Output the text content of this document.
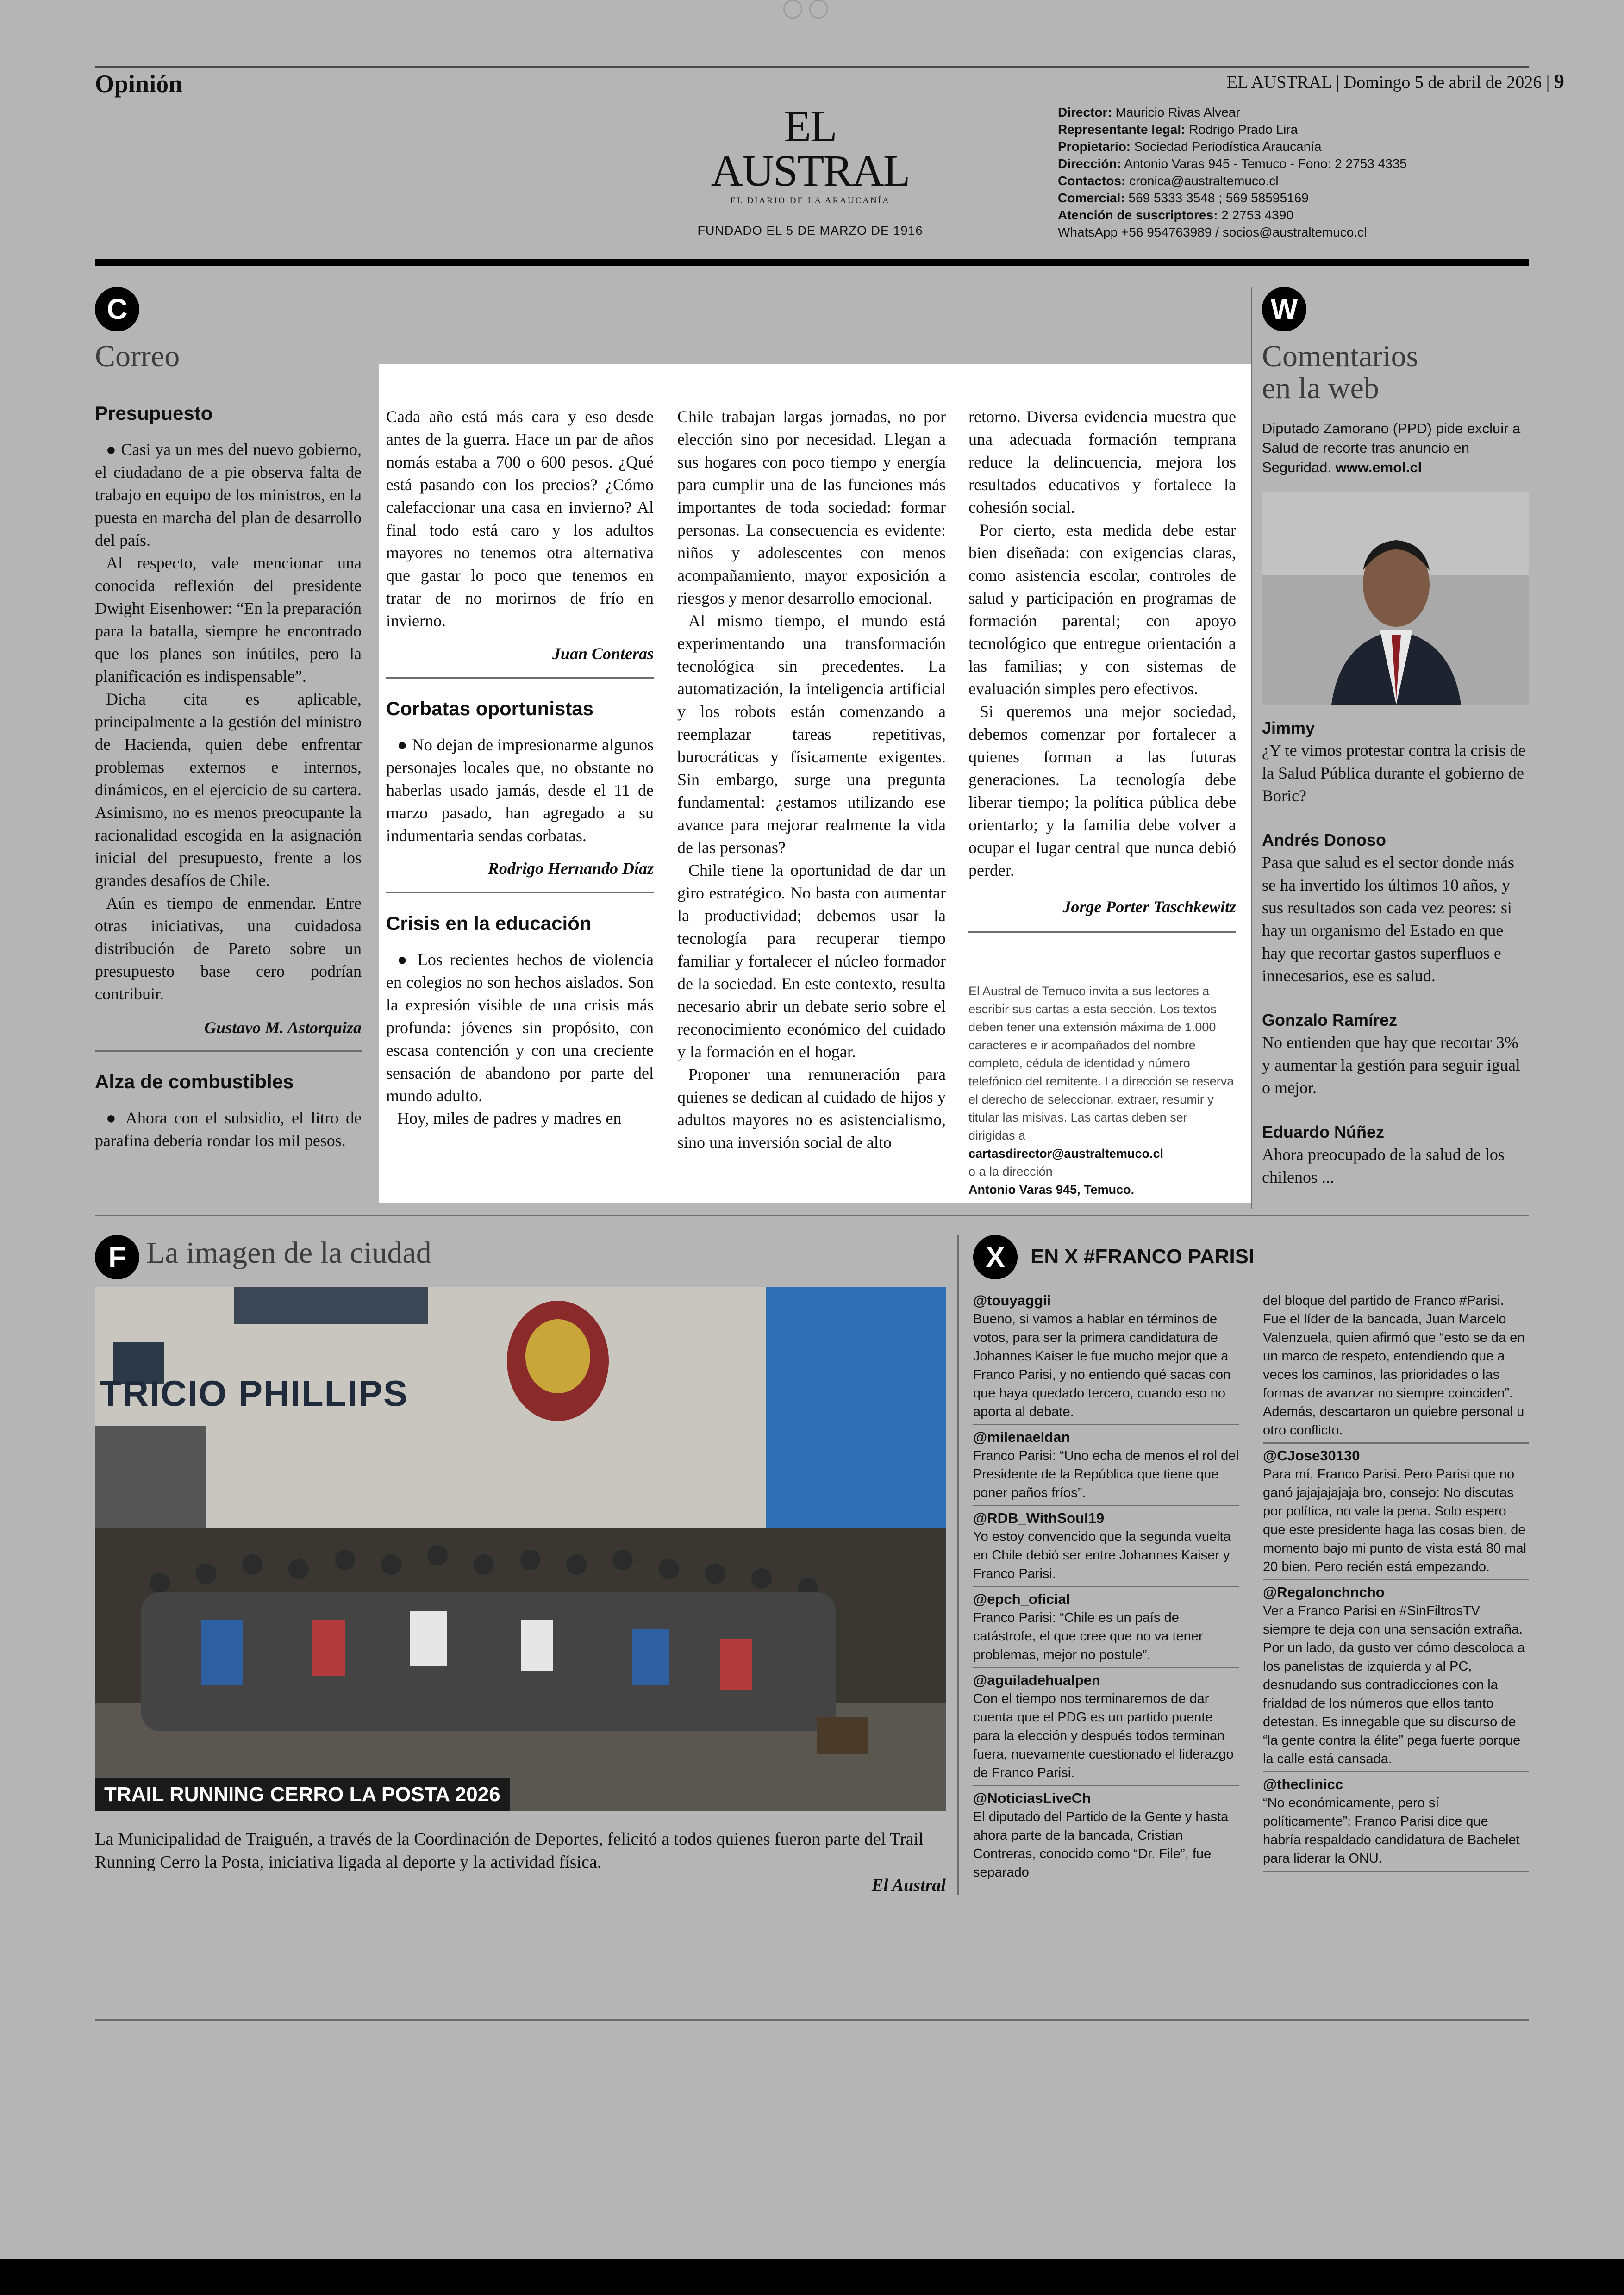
◯ ◯
Opinión	EL AUSTRAL | Domingo 5 de abril de 2026 | 9
EL AUSTRAL
EL DIARIO DE LA ARAUCANÍA
FUNDADO EL 5 DE MARZO DE 1916
Director: Mauricio Rivas Alvear
Representante legal: Rodrigo Prado Lira
Propietario: Sociedad Periodística Araucanía
Dirección: Antonio Varas 945 - Temuco - Fono: 2 2753 4335
Contactos: cronica@australtemuco.cl
Comercial: 569 5333 3548 ; 569 58595169
Atención de suscriptores: 2 2753 4390
WhatsApp +56 954763989 / socios@australtemuco.cl
C
Correo

Presupuesto

● Casi ya un mes del nuevo gobierno, el ciudadano de a pie observa falta de trabajo en equipo de los ministros, en la puesta en marcha del plan de desarrollo del país.

Al respecto, vale mencionar una conocida reflexión del presidente Dwight Eisenhower: “En la preparación para la batalla, siempre he encontrado que los planes son inútiles, pero la planificación es indispensable”.

Dicha cita es aplicable, principalmente a la gestión del ministro de Hacienda, quien debe enfrentar problemas externos e internos, dinámicos, en el ejercicio de su cartera. Asimismo, no es menos preocupante la racionalidad escogida en la asignación inicial del presupuesto, frente a los grandes desafíos de Chile.

Aún es tiempo de enmendar. Entre otras iniciativas, una cuidadosa distribución de Pareto sobre un presupuesto base cero podrían contribuir.

Gustavo M. Astorquiza

Alza de combustibles

● Ahora con el subsidio, el litro de parafina debería rondar los mil pesos.

Cada año está más cara y eso desde antes de la guerra. Hace un par de años nomás estaba a 700 o 600 pesos. ¿Qué está pasando con los precios? ¿Cómo calefaccionar una casa en invierno? Al final todo está caro y los adultos mayores no tenemos otra alternativa que gastar lo poco que tenemos en tratar de no morirnos de frío en invierno.

Juan Conteras

Corbatas oportunistas

● No dejan de impresionarme algunos personajes locales que, no obstante no haberlas usado jamás, desde el 11 de marzo pasado, han agregado a su indumentaria sendas corbatas.

Rodrigo Hernando Díaz

Crisis en la educación

● Los recientes hechos de violencia en colegios no son hechos aislados. Son la expresión visible de una crisis más profunda: jóvenes sin propósito, con escasa contención y con una creciente sensación de abandono por parte del mundo adulto.

Hoy, miles de padres y madres en

Chile trabajan largas jornadas, no por elección sino por necesidad. Llegan a sus hogares con poco tiempo y energía para cumplir una de las funciones más importantes de toda sociedad: formar personas. La consecuencia es evidente: niños y adolescentes con menos acompañamiento, mayor exposición a riesgos y menor desarrollo emocional.

Al mismo tiempo, el mundo está experimentando una transformación tecnológica sin precedentes. La automatización, la inteligencia artificial y los robots están comenzando a reemplazar tareas repetitivas, burocráticas y físicamente exigentes. Sin embargo, surge una pregunta fundamental: ¿estamos utilizando ese avance para mejorar realmente la vida de las personas?

Chile tiene la oportunidad de dar un giro estratégico. No basta con aumentar la productividad; debemos usar la tecnología para recuperar tiempo familiar y fortalecer el núcleo formador de la sociedad. En este contexto, resulta necesario abrir un debate serio sobre el reconocimiento económico del cuidado y la formación en el hogar.

Proponer una remuneración para quienes se dedican al cuidado de hijos y adultos mayores no es asistencialismo, sino una inversión social de alto

retorno. Diversa evidencia muestra que una adecuada formación temprana reduce la delincuencia, mejora los resultados educativos y fortalece la cohesión social.

Por cierto, esta medida debe estar bien diseñada: con exigencias claras, como asistencia escolar, controles de salud y participación en programas de formación parental; con apoyo tecnológico que entregue orientación a las familias; y con sistemas de evaluación simples pero efectivos.

Si queremos una mejor sociedad, debemos comenzar por fortalecer a quienes forman a las futuras generaciones. La tecnología debe liberar tiempo; la política pública debe orientarlo; y la familia debe volver a ocupar el lugar central que nunca debió perder.

Jorge Porter Taschkewitz

El Austral de Temuco invita a sus lectores a escribir sus cartas a esta sección. Los textos deben tener una extensión máxima de 1.000 caracteres e ir acompañados del nombre completo, cédula de identidad y número telefónico del remitente. La dirección se reserva el derecho de seleccionar, extraer, resumir y titular las misivas. Las cartas deben ser dirigidas a
cartasdirector@australtemuco.cl
o a la dirección
Antonio Varas 945, Temuco.
W
Comentarios
en la web
Diputado Zamorano (PPD) pide excluir a Salud de recorte tras anuncio en Seguridad. www.emol.cl
Jimmy
¿Y te vimos protestar contra la crisis de la Salud Pública durante el gobierno de Boric?
Andrés Donoso
Pasa que salud es el sector donde más se ha invertido los últimos 10 años, y sus resultados son cada vez peores: si hay un organismo del Estado en que hay que recortar gastos superfluos e innecesarios, ese es salud.
Gonzalo Ramírez
No entienden que hay que recortar 3% y aumentar la gestión para seguir igual o mejor.
Eduardo Núñez
Ahora preocupado de la salud de los chilenos ...
F La imagen de la ciudad
TRICIO PHILLIPS
TRAIL RUNNING CERRO LA POSTA 2026
La Municipalidad de Traiguén, a través de la Coordinación de Deportes, felicitó a todos quienes fueron parte del Trail Running Cerro la Posta, iniciativa ligada al deporte y la actividad física.
El Austral
X	EN X #FRANCO PARISI
@touyaggii
Bueno, si vamos a hablar en términos de votos, para ser la primera candidatura de Johannes Kaiser le fue mucho mejor que a Franco Parisi, y no entiendo qué sacas con que haya quedado tercero, cuando eso no aporta al debate.
@milenaeldan
Franco Parisi: “Uno echa de menos el rol del Presidente de la República que tiene que poner paños fríos”.
@RDB_WithSoul19
Yo estoy convencido que la segunda vuelta en Chile debió ser entre Johannes Kaiser y Franco Parisi.
@epch_oficial
Franco Parisi: “Chile es un país de catástrofe, el que cree que no va tener problemas, mejor no postule”.
@aguiladehualpen
Con el tiempo nos terminaremos de dar cuenta que el PDG es un partido puente para la elección y después todos terminan fuera, nuevamente cuestionado el liderazgo de Franco Parisi.
@NoticiasLiveCh
El diputado del Partido de la Gente y hasta ahora parte de la bancada, Cristian Contreras, conocido como “Dr. File”, fue separado
del bloque del partido de Franco #Parisi. Fue el líder de la bancada, Juan Marcelo Valenzuela, quien afirmó que “esto se da en un marco de respeto, entendiendo que a veces los caminos, las prioridades o las formas de avanzar no siempre coinciden”. Además, descartaron un quiebre personal u otro conflicto.
@CJose30130
Para mí, Franco Parisi. Pero Parisi que no ganó jajajajajaja bro, consejo: No discutas por política, no vale la pena. Solo espero que este presidente haga las cosas bien, de momento bajo mi punto de vista está 80 mal 20 bien. Pero recién está empezando.
@Regalonchncho
Ver a Franco Parisi en #SinFiltrosTV siempre te deja con una sensación extraña. Por un lado, da gusto ver cómo descoloca a los panelistas de izquierda y al PC, desnudando sus contradicciones con la frialdad de los números que ellos tanto detestan. Es innegable que su discurso de “la gente contra la élite” pega fuerte porque la calle está cansada.
@theclinicc
“No económicamente, pero sí políticamente”: Franco Parisi dice que habría respaldado candidatura de Bachelet para liderar la ONU.
